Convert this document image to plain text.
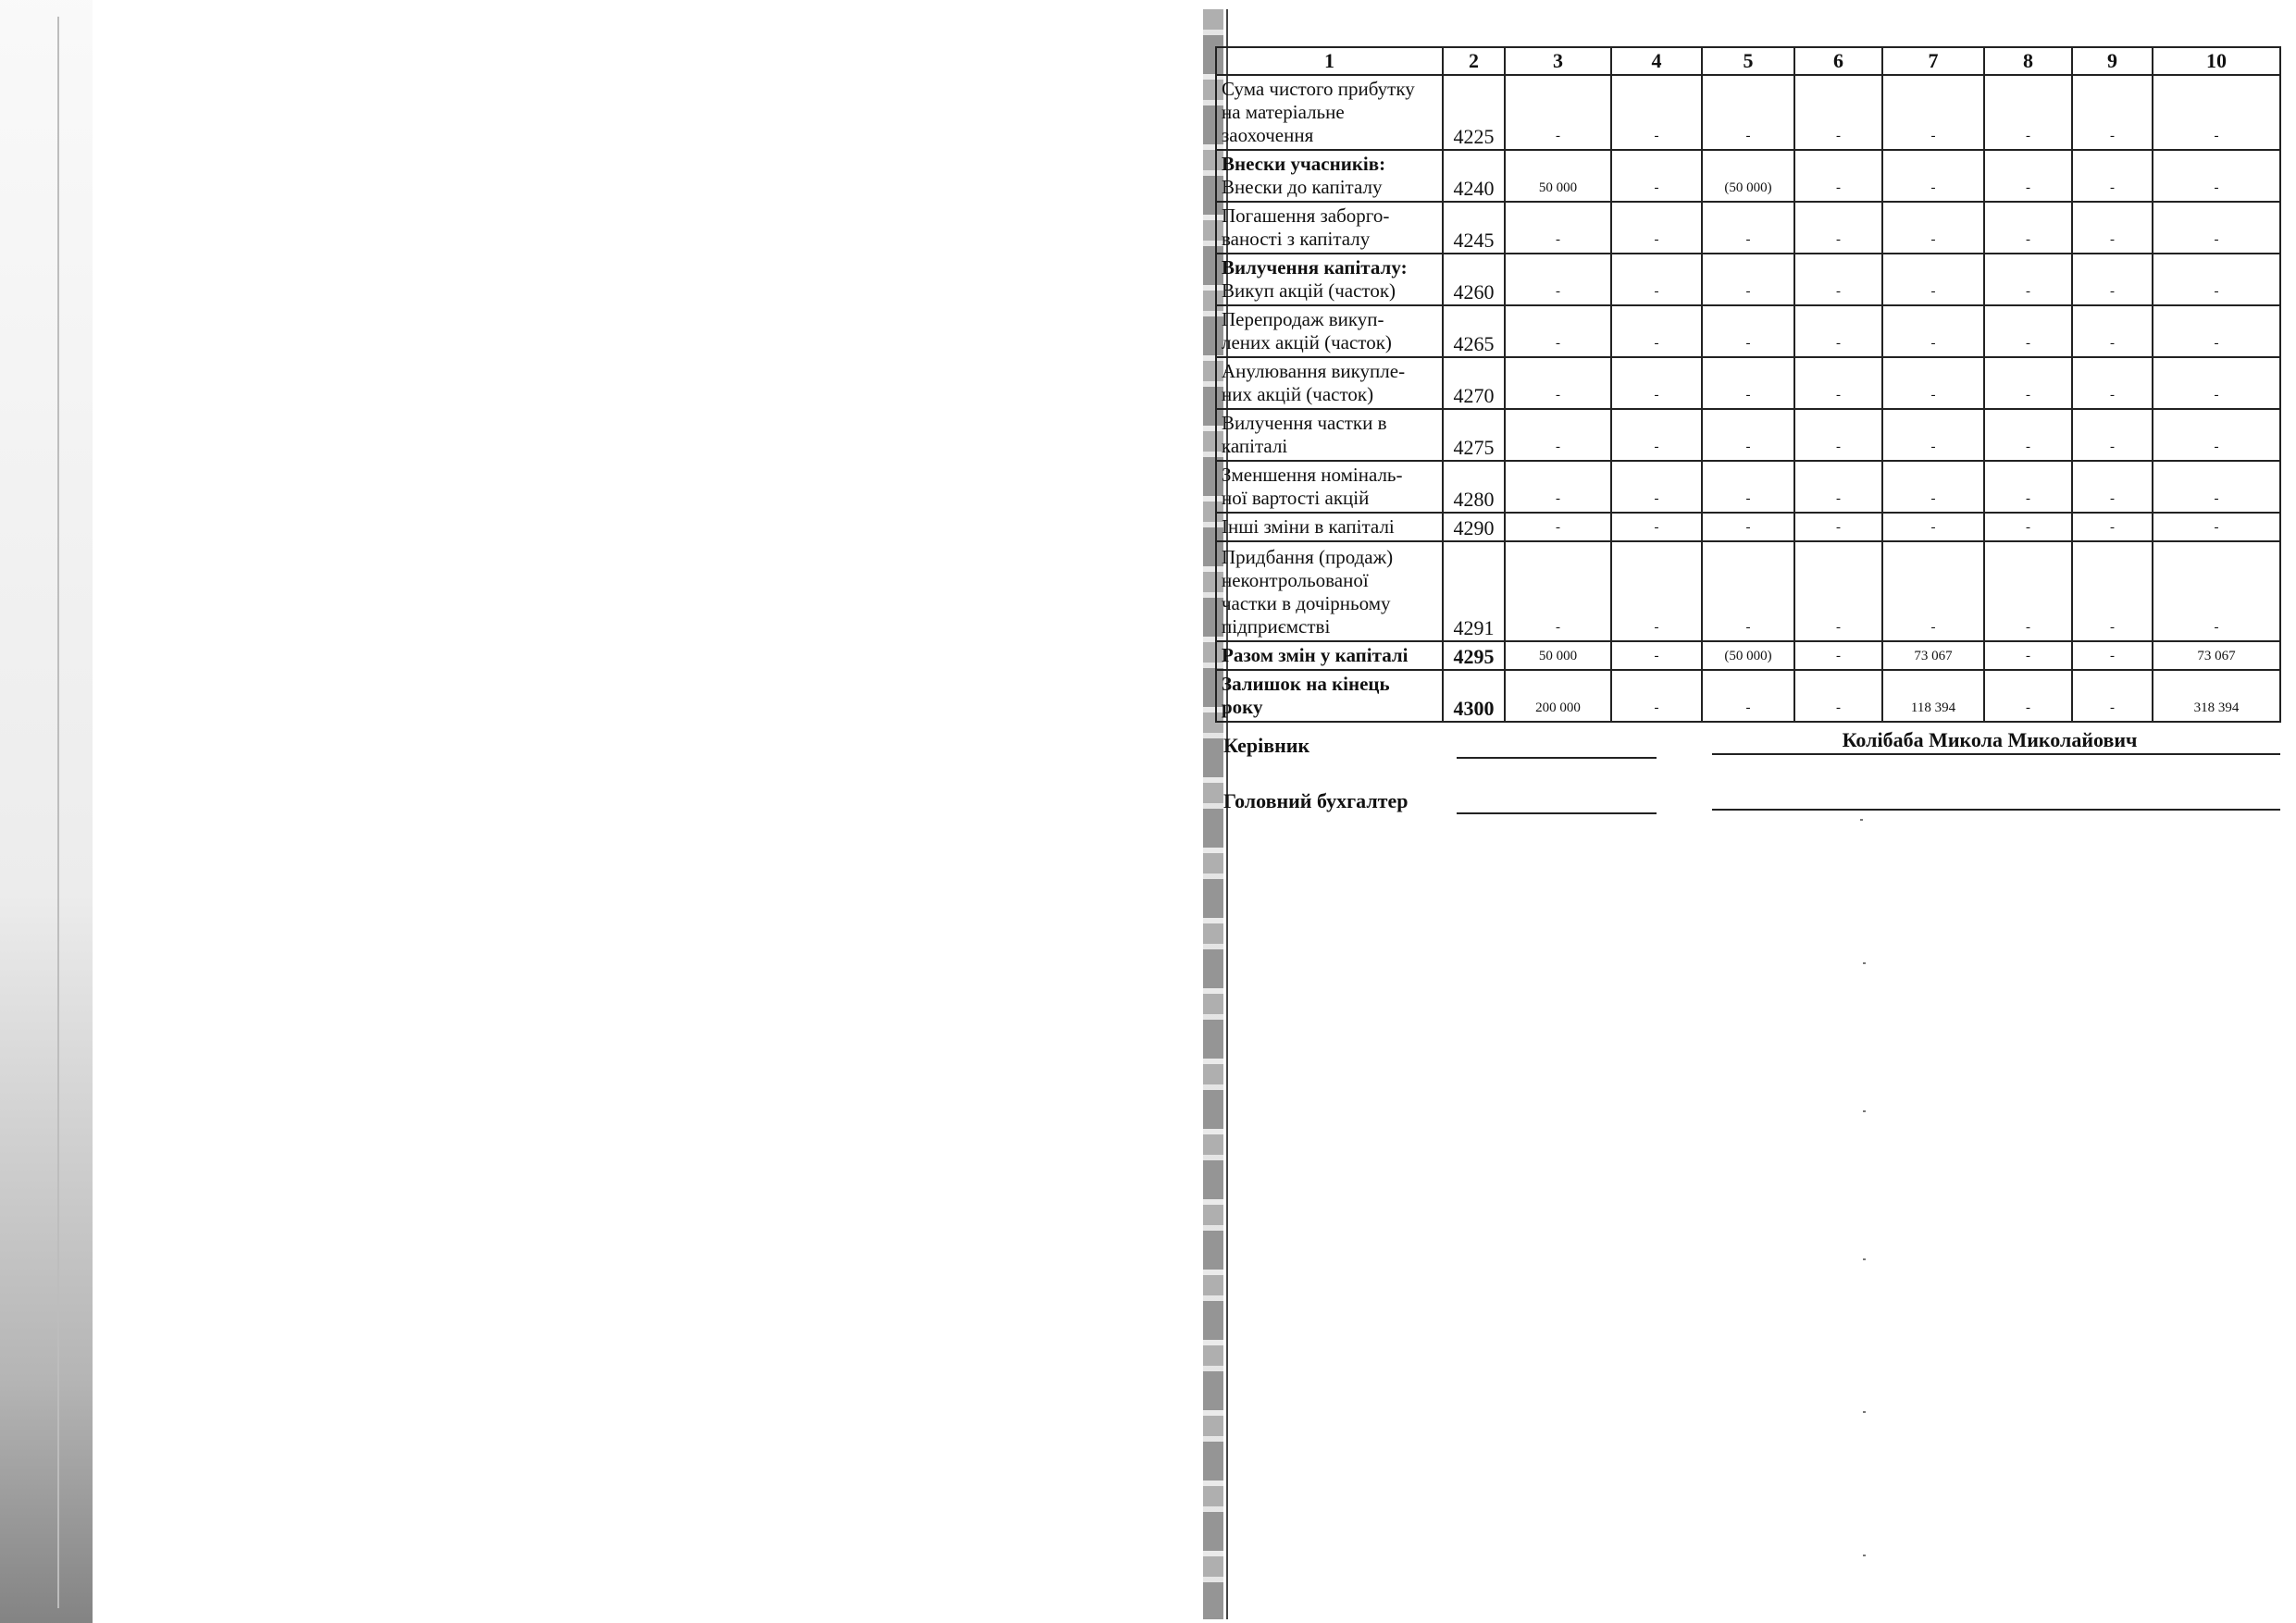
1	2	3	4	5	6	7	8	9	10

Сума чистого прибутку
на матеріальне
заохочення	4225	-	-	-	-	-	-	-	-

Внески учасників:
Внески до капіталу	4240	50 000	-	(50 000)	-	-	-	-	-

Погашення заборго-
ваності з капіталу	4245	-	-	-	-	-	-	-	-

Вилучення капіталу:
Викуп акцій (часток)	4260	-	-	-	-	-	-	-	-

Перепродаж викуп-
лених акцій (часток)	4265	-	-	-	-	-	-	-	-

Анулювання викупле-
них акцій (часток)	4270	-	-	-	-	-	-	-	-

Вилучення частки в
капіталі	4275	-	-	-	-	-	-	-	-

Зменшення номіналь-
ної вартості акцій	4280	-	-	-	-	-	-	-	-

Інші зміни в капіталі	4290	-	-	-	-	-	-	-	-

Придбання (продаж)
неконтрольованої
частки в дочірньому
підприємстві	4291	-	-	-	-	-	-	-	-

Разом змін у капіталі	4295	50 000	-	(50 000)	-	73 067	-	-	73 067

Залишок на кінець
року	4300	200 000	-	-	-	118 394	-	-	318 394
Керівник	Колібаба Микола Миколайович
Головний бухгалтер
